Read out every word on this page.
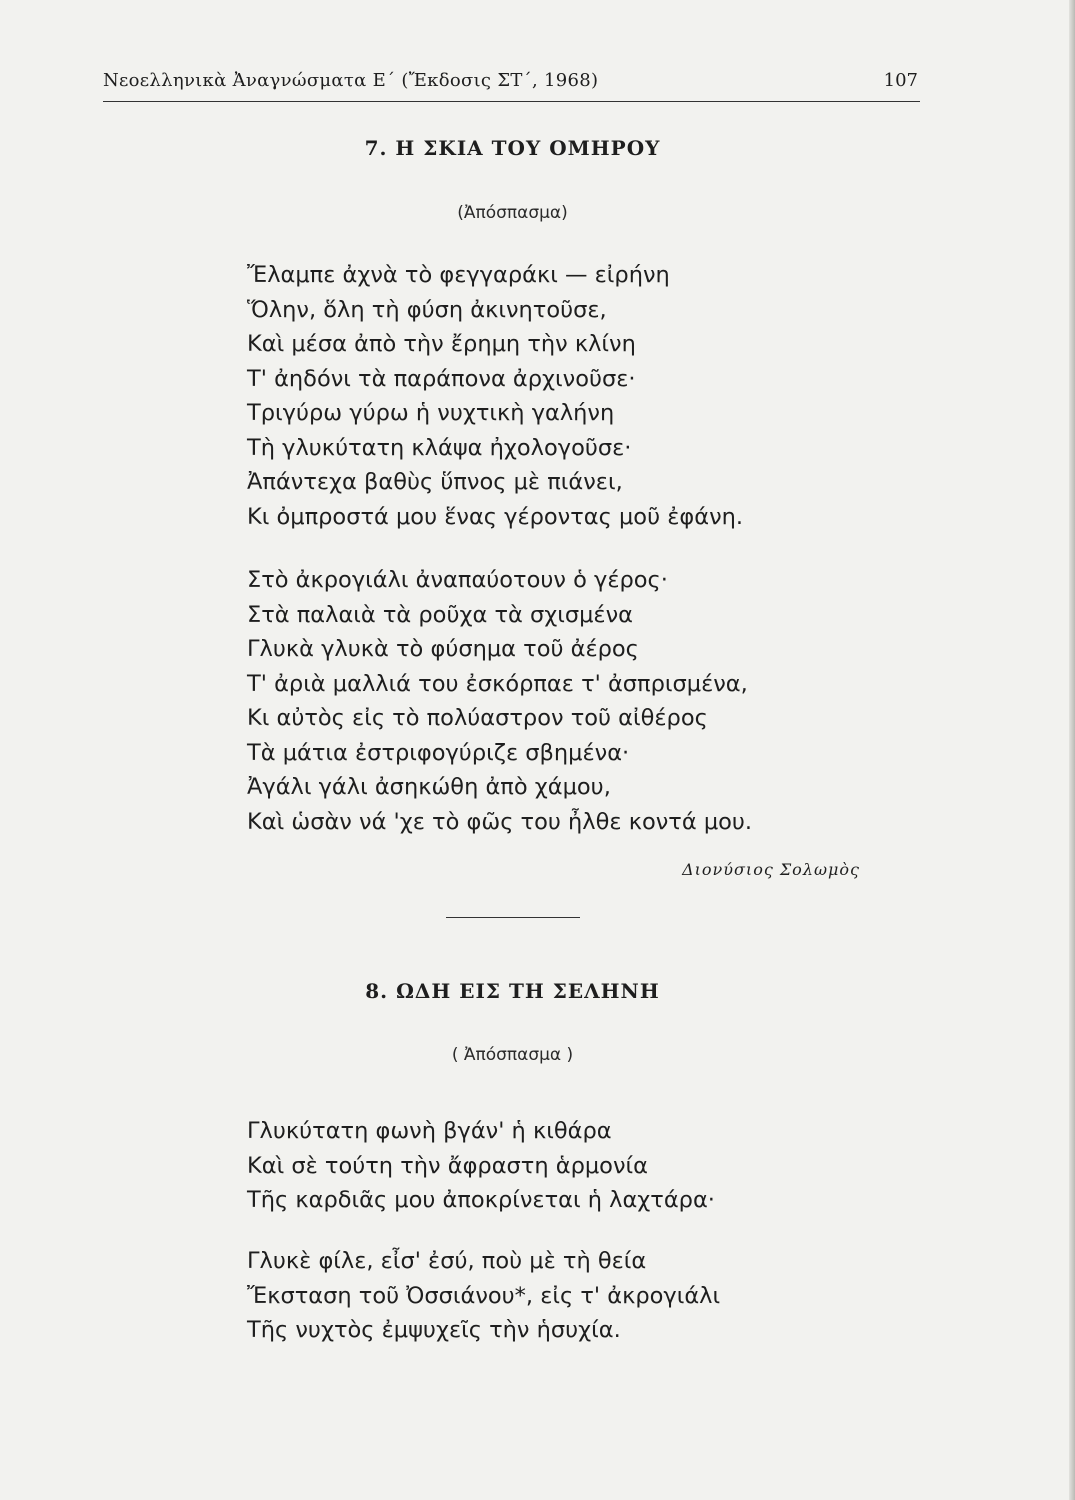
Νεοελληνικὰ Ἀναγνώσματα Ε΄ (Ἔκδοσις ΣΤ΄, 1968)	107
7. Η ΣΚΙΑ ΤΟΥ ΟΜΗΡΟΥ
(Ἀπόσπασμα)
Ἔλαμπε ἀχνὰ τὸ φεγγαράκι — εἰρήνη
Ὅλην, ὅλη τὴ φύση ἀκινητοῦσε,
Καὶ μέσα ἀπὸ τὴν ἔρημη τὴν κλίνη
Τ' ἀηδόνι τὰ παράπονα ἀρχινοῦσε·
Τριγύρω γύρω ἡ νυχτικὴ γαλήνη
Τὴ γλυκύτατη κλάψα ἠχολογοῦσε·
Ἀπάντεχα βαθὺς ὕπνος μὲ πιάνει,
Κι ὀμπροστά μου ἕνας γέροντας μοῦ ἐφάνη.
Στὸ ἀκρογιάλι ἀναπαύοτουν ὁ γέρος·
Στὰ παλαιὰ τὰ ροῦχα τὰ σχισμένα
Γλυκὰ γλυκὰ τὸ φύσημα τοῦ ἀέρος
Τ' ἀριὰ μαλλιά του ἐσκόρπαε τ' ἀσπρισμένα,
Κι αὐτὸς εἰς τὸ πολύαστρον τοῦ αἰθέρος
Τὰ μάτια ἐστριφογύριζε σβημένα·
Ἀγάλι γάλι ἀσηκώθη ἀπὸ χάμου,
Καὶ ὡσὰν νά 'χε τὸ φῶς του ἦλθε κοντά μου.
Διονύσιος Σολωμὸς
8. ΩΔΗ ΕΙΣ ΤΗ ΣΕΛΗΝΗ
( Ἀπόσπασμα )
Γλυκύτατη φωνὴ βγάν' ἡ κιθάρα
Καὶ σὲ τούτη τὴν ἄφραστη ἁρμονία
Τῆς καρδιᾶς μου ἀποκρίνεται ἡ λαχτάρα·
Γλυκὲ φίλε, εἶσ' ἐσύ, ποὺ μὲ τὴ θεία
Ἔκσταση τοῦ Ὀσσιάνου*, εἰς τ' ἀκρογιάλι
Τῆς νυχτὸς ἐμψυχεῖς τὴν ἡσυχία.
